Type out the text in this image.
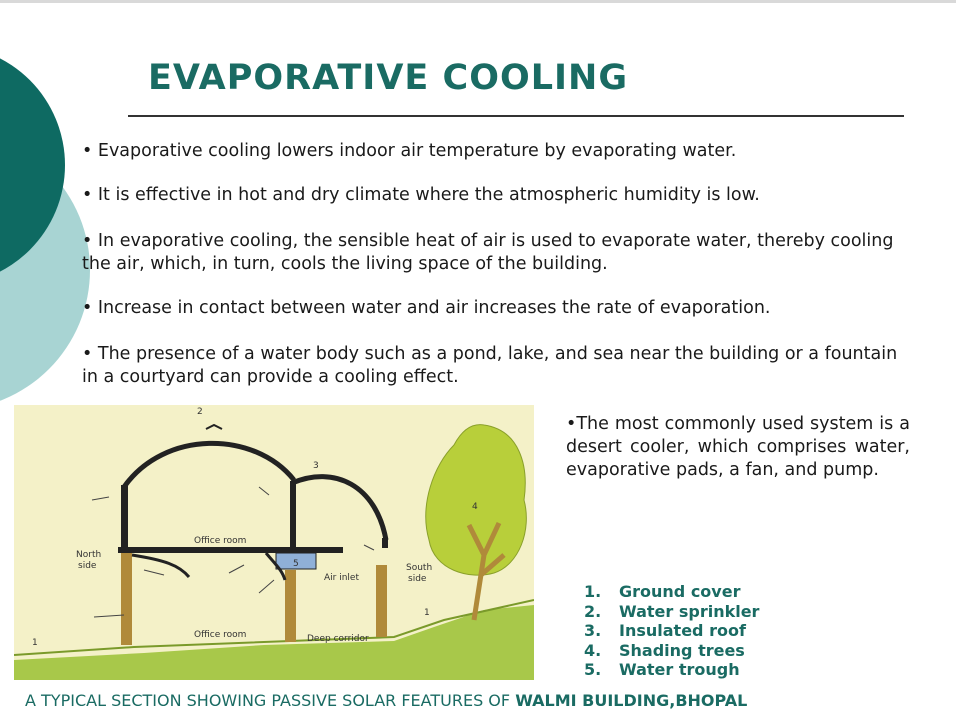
EVAPORATIVE COOLING

• Evaporative cooling lowers indoor air temperature by evaporating water.

• It is effective in hot and dry climate where the atmospheric humidity is low.

• In evaporative cooling, the sensible heat of air is used to evaporate water, thereby cooling the air, which, in turn, cools the living space of the building.

• Increase in contact between water and air increases the rate of evaporation.

• The presence of a water body such as a pond, lake, and sea near the building or a fountain in a courtyard can provide a cooling effect.

2
3
4
5
1
1
North
side	South
side
Office room
Office room
Air inlet
Deep corridor

•The most commonly used system is a desert cooler, which comprises water, evaporative pads, a fan, and pump.

1.	Ground cover
2.	Water sprinkler
3.	Insulated roof
4.	Shading trees
5.	Water trough

A TYPICAL SECTION SHOWING PASSIVE SOLAR FEATURES OF WALMI BUILDING,BHOPAL
